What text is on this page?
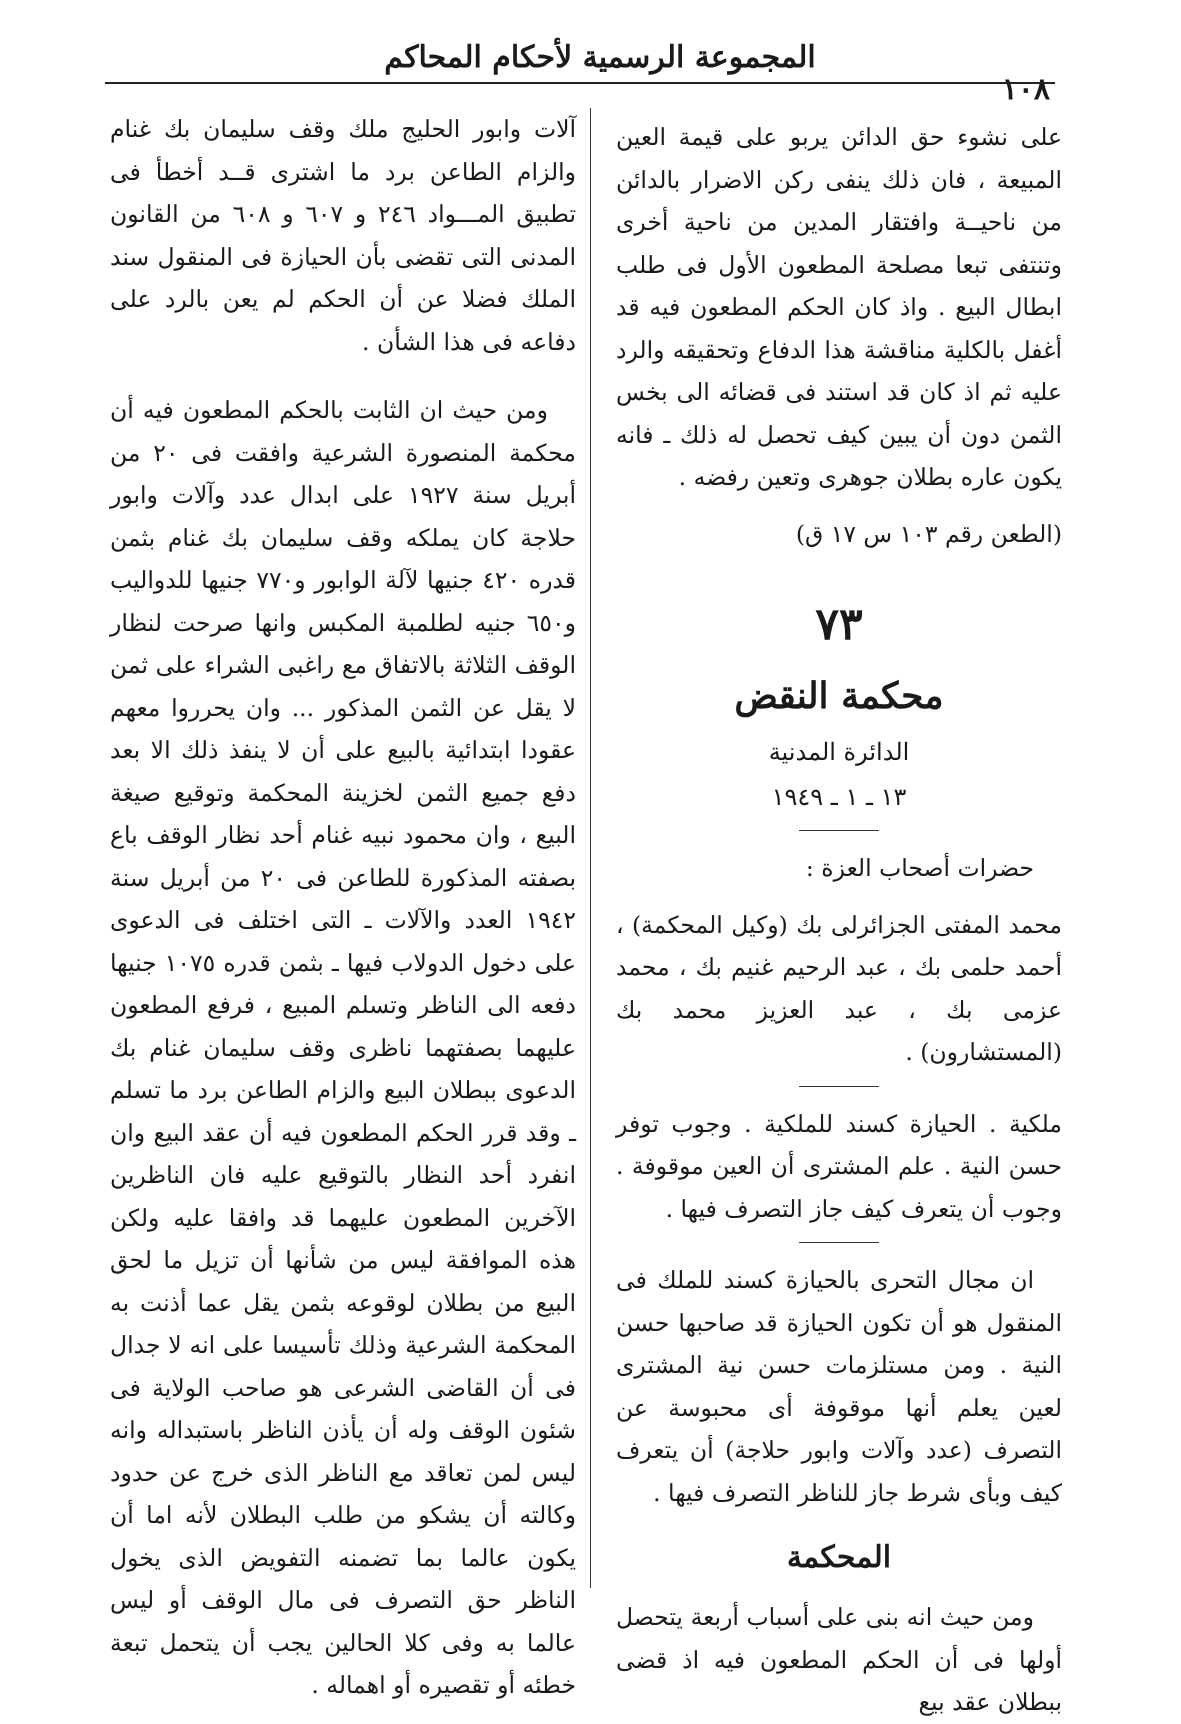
المجموعة الرسمية لأحكام المحاكم
١٠٨

على نشوء حق الدائن يربو على قيمة العين المبيعة ، فان ذلك ينفى ركن الاضرار بالدائن من ناحيــة وافتقار المدين من ناحية أخرى وتنتفى تبعا مصلحة المطعون الأول فى طلب ابطال البيع . واذ كان الحكم المطعون فيه قد أغفل بالكلية مناقشة هذا الدفاع وتحقيقه والرد عليه ثم اذ كان قد استند فى قضائه الى بخس الثمن دون أن يبين كيف تحصل له ذلك ـ فانه يكون عاره بطلان جوهرى وتعين رفضه .

(الطعن رقم ١٠٣ س ١٧ ق)

٧٣

محكمة النقض

الدائرة المدنية

١٣ ـ ١ ـ ١٩٤٩

حضرات أصحاب العزة :

محمد المفتى الجزائرلى بك (وكيل المحكمة) ، أحمد حلمى بك ، عبد الرحيم غنيم بك ، محمد عزمى بك ، عبد العزيز محمد بك (المستشارون) .

ملكية . الحيازة كسند للملكية . وجوب توفر حسن النية . علم المشترى أن العين موقوفة . وجوب أن يتعرف كيف جاز التصرف فيها .

ان مجال التحرى بالحيازة كسند للملك فى المنقول هو أن تكون الحيازة قد صاحبها حسن النية . ومن مستلزمات حسن نية المشترى لعين يعلم أنها موقوفة أى محبوسة عن التصرف (عدد وآلات وابور حلاجة) أن يتعرف كيف وبأى شرط جاز للناظر التصرف فيها .

المحكمة

ومن حيث انه بنى على أسباب أربعة يتحصل أولها فى أن الحكم المطعون فيه اذ قضى ببطلان عقد بيع

آلات وابور الحليج ملك وقف سليمان بك غنام والزام الطاعن برد ما اشترى قــد أخطأ فى تطبيق المـــواد ٢٤٦ و ٦٠٧ و ٦٠٨ من القانون المدنى التى تقضى بأن الحيازة فى المنقول سند الملك فضلا عن أن الحكم لم يعن بالرد على دفاعه فى هذا الشأن .

ومن حيث ان الثابت بالحكم المطعون فيه أن محكمة المنصورة الشرعية وافقت فى ٢٠ من أبريل سنة ١٩٢٧ على ابدال عدد وآلات وابور حلاجة كان يملكه وقف سليمان بك غنام بثمن قدره ٤٢٠ جنيها لآلة الوابور و٧٧٠ جنيها للدواليب و٦٥٠ جنيه لطلمبة المكبس وانها صرحت لنظار الوقف الثلاثة بالاتفاق مع راغبى الشراء على ثمن لا يقل عن الثمن المذكور ... وان يحرروا معهم عقودا ابتدائية بالبيع على أن لا ينفذ ذلك الا بعد دفع جميع الثمن لخزينة المحكمة وتوقيع صيغة البيع ، وان محمود نبيه غنام أحد نظار الوقف باع بصفته المذكورة للطاعن فى ٢٠ من أبريل سنة ١٩٤٢ العدد والآلات ـ التى اختلف فى الدعوى على دخول الدولاب فيها ـ بثمن قدره ١٠٧٥ جنيها دفعه الى الناظر وتسلم المبيع ، فرفع المطعون عليهما بصفتهما ناظرى وقف سليمان غنام بك الدعوى ببطلان البيع والزام الطاعن برد ما تسلم ـ وقد قرر الحكم المطعون فيه أن عقد البيع وان انفرد أحد النظار بالتوقيع عليه فان الناظرين الآخرين المطعون عليهما قد وافقا عليه ولكن هذه الموافقة ليس من شأنها أن تزيل ما لحق البيع من بطلان لوقوعه بثمن يقل عما أذنت به المحكمة الشرعية وذلك تأسيسا على انه لا جدال فى أن القاضى الشرعى هو صاحب الولاية فى شئون الوقف وله أن يأذن الناظر باستبداله وانه ليس لمن تعاقد مع الناظر الذى خرج عن حدود وكالته أن يشكو من طلب البطلان لأنه اما أن يكون عالما بما تضمنه التفويض الذى يخول الناظر حق التصرف فى مال الوقف أو ليس عالما به وفى كلا الحالين يجب أن يتحمل تبعة خطئه أو تقصيره أو اهماله .
